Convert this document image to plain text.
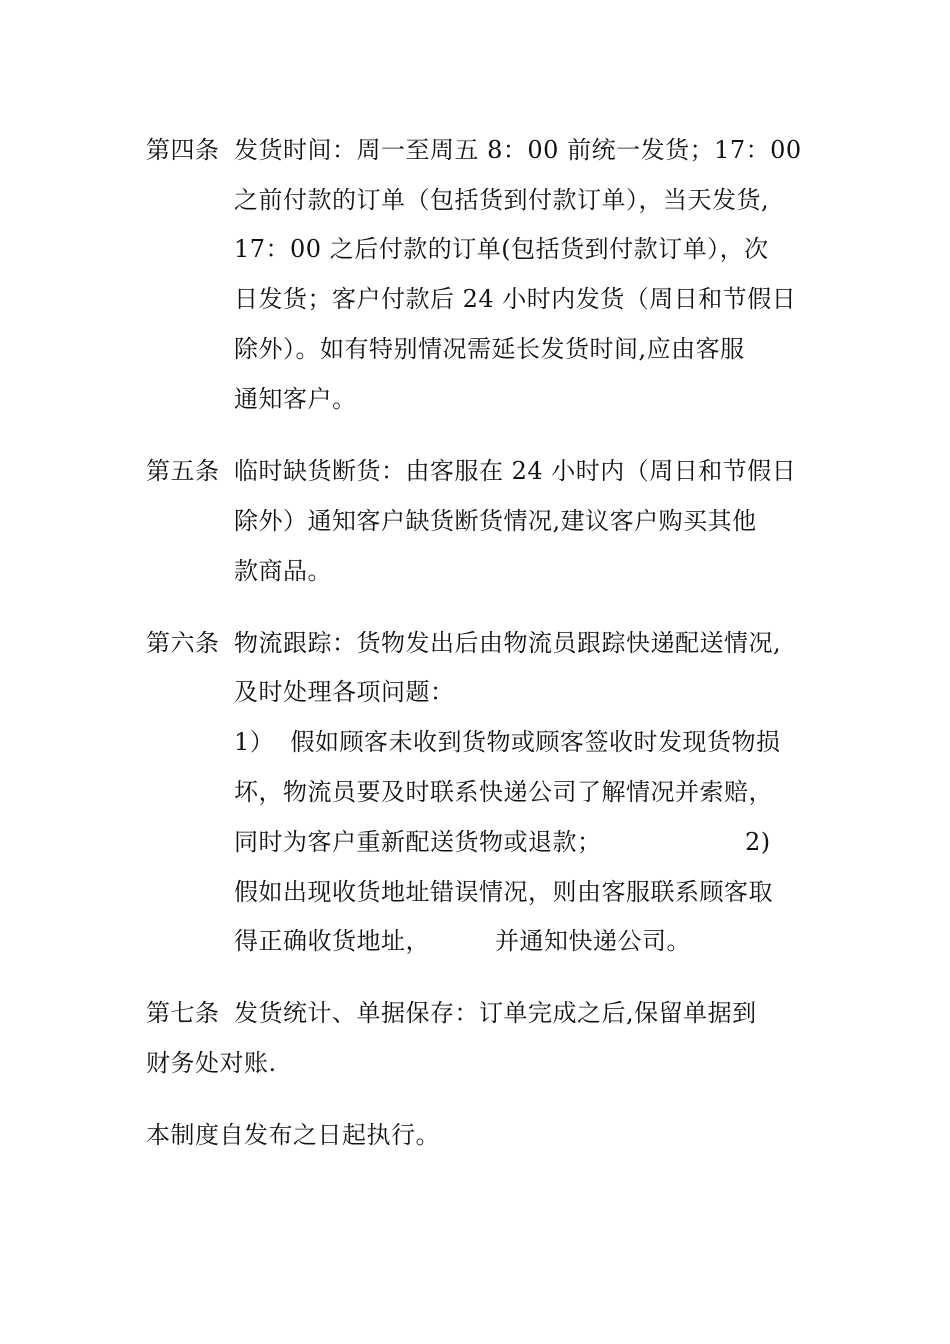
第四条 发货时间：周一至周五 8：00 前统一发货；17：00
之前付款的订单（包括货到付款订单），当天发货,
17：00 之后付款的订单(包括货到付款订单），次
日发货；客户付款后 24 小时内发货（周日和节假日
除外）。如有特别情况需延长发货时间,应由客服
通知客户。
第五条 临时缺货断货：由客服在 24 小时内（周日和节假日
除外）通知客户缺货断货情况,建议客户购买其他
款商品。
第六条 物流跟踪：货物发出后由物流员跟踪快递配送情况,
及时处理各项问题：
1）  假如顾客未收到货物或顾客签收时发现货物损
坏，物流员要及时联系快递公司了解情况并索赔，
同时为客户重新配送货物或退款；	2)
假如出现收货地址错误情况，则由客服联系顾客取
得正确收货地址，        并通知快递公司。
第七条 发货统计、单据保存：订单完成之后,保留单据到
财务处对账.
本制度自发布之日起执行。
